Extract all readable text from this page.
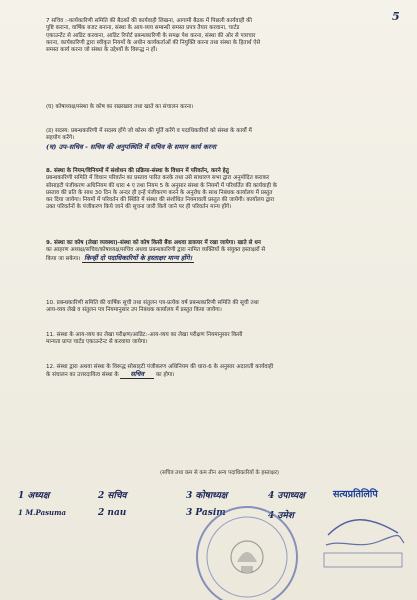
5

7 सचिव :-कार्यकारिणी समिति की बैठकों की कार्यवाही लिखना, आगामी बैठक में पिछली कार्यवाही की

पुष्टि कराना, वार्षिक बजट बनाना, संस्था के आय-व्यय सम्बन्धी समस्त प्रपत्र तैयार करवाना, चार्टड

एकाउन्टेंट से आडिट करवाना, आडिट रिपोर्ट प्रबन्धकारिणी के समक्ष पेश करना, संस्था की ओर से पत्राचार

करना, कार्यकारिणी द्वारा स्वीकृत नियमों के अधीन कार्यकर्ताओं की नियुक्ति करना तथा संस्था के हितार्थ ऐसे

समस्त कार्य करना जो संस्था के उद्देश्यों के विरूद्ध न हों।

(घ) कोषाध्यक्ष/संस्था के कोष का रखरखाव तथा खाते का संचालन करना।

(ड) सदस्य: प्रबन्धकारिणी में सदस्य होंगे जो कोरम की पूर्ति करेंगे व पदाधिकारियों को संस्था के कार्यों में

सहयोग करेंगे।

(च) उप-सचिव - सचिव की अनुपस्थिति में सचिव के समान कार्य करना

8. संस्था के नियम/विनियमों में संशोधन की प्रक्रिया-संस्था के विधान में परिवर्तन, करने हेतु

प्रबन्धकारिणी समिति में विधान परिवर्तन का प्रस्ताव पारित करके तथा उसे साधारण सभा द्वारा अनुमोदित कराकर

सोसाइटी पंजीकरण अधिनियम की धारा 4 ए तथा नियम 5 के अनुसार संस्था के नियमों में परिवर्तित की कार्यवाही के

प्रस्ताव की प्रति के साथ 30 दिन के अन्दर ही इन्हें पंजीकरण करने के अनुरोध के साथ निबंधक कार्यालय में प्रस्तुत

कर दिया जायेगा। नियमों में परिवर्तन की स्थिति में संस्था की संशोधित नियमावली प्रस्तुत की जायेगी। कार्यालय द्वारा

उक्त परिवर्तनों के पंजीकरण किये जाने की सूचना जारी किये जाने पर ही परिवर्तन मान्य होंगे।

9. संस्था का कोष (लेखा व्यवस्था)-संस्था को कोष किसी बैंक अथवा डाकघर में रखा जायेगा। खाते से धन

का आहरण अध्यक्ष/सचिव/कोषाध्यक्ष/सचिव अथवा प्रबन्धकारिणी द्वारा नामित व्यक्तियों के संयुक्त हस्ताक्षरों से

किया जा सकेगा। किन्हीं दो पदाधिकारियों के हस्ताक्षर मान्य होंगे।

10. प्रबन्धकारिणी समिति की वार्षिक सूची तथा संतुलन पत्र-प्रत्येक वर्ष प्रबन्धकारिणी समिति की सूची तथा

आय-व्यय लेखे व संतुलन पत्र नियमानुसार उप निबंधक कार्यालय में प्रस्तुत किया जायेगा।

11. संस्था के आय-व्यय का लेखा परीक्षण/आडिट:-आय-व्यय का लेखा परीक्षण नियमानुसार किसी

मान्यता प्राप्त चार्टड एकाउन्टेन्ट से करवाया जायेगा।

12. संस्था द्वारा अथवा संस्था के विरूद्ध सोसाइटी पंजीकरण अधिनियम की धारा-6 के अनुसार अदालती कार्यवाही

के संचालन का उत्तरदायित्व संस्था के सचिव का होगा।

(सचिव तथा कम से कम तीन अन्य पदाधिकारियों के हस्ताक्षर)
1 अध्यक्ष	2 सचिव	3 कोषाध्यक्ष	4 उपाध्यक्ष
1 M.Pasuma	2 nau	3 Pasim	4 उमेश
सत्यप्रतिलिपि
